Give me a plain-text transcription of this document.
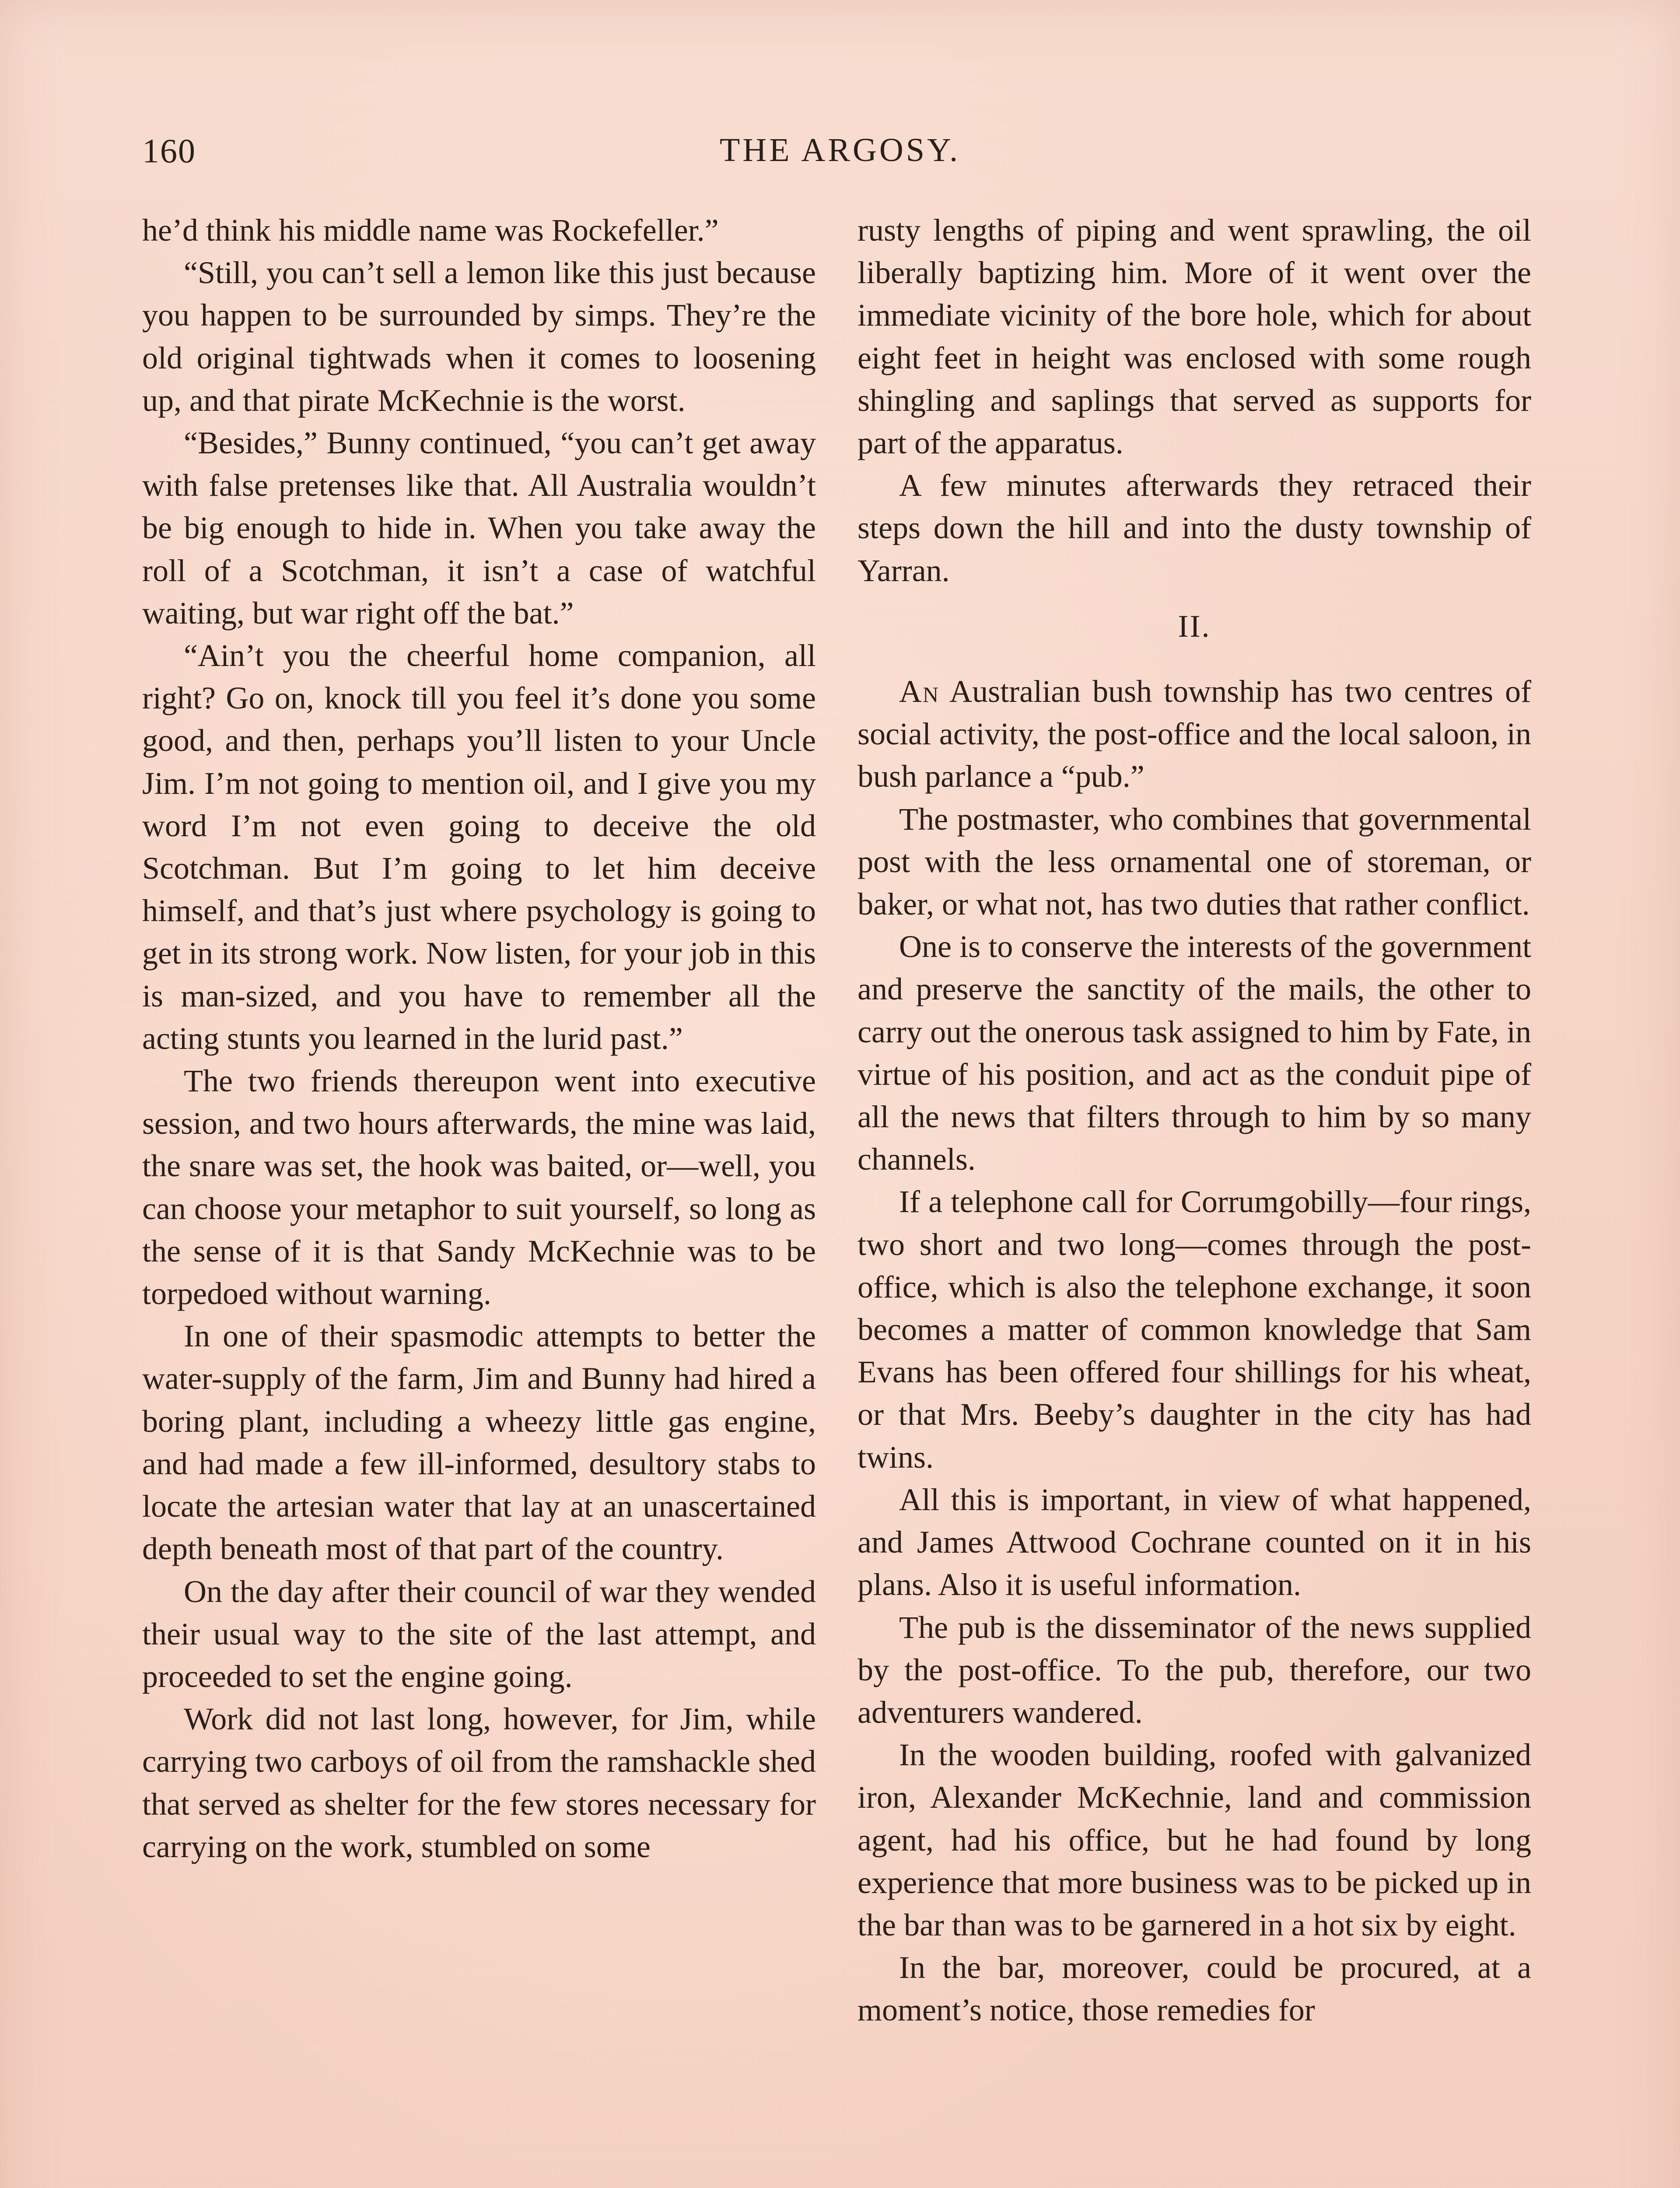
160	THE ARGOSY.

he’d think his middle name was Rockefeller.”

“Still, you can’t sell a lemon like this just because you happen to be surrounded by simps. They’re the old original tightwads when it comes to loosening up, and that pirate McKechnie is the worst.

“Besides,” Bunny continued, “you can’t get away with false pretenses like that. All Australia wouldn’t be big enough to hide in. When you take away the roll of a Scotchman, it isn’t a case of watchful waiting, but war right off the bat.”

“Ain’t you the cheerful home companion, all right? Go on, knock till you feel it’s done you some good, and then, perhaps you’ll listen to your Uncle Jim. I’m not going to mention oil, and I give you my word I’m not even going to deceive the old Scotchman. But I’m going to let him deceive himself, and that’s just where psychology is going to get in its strong work. Now listen, for your job in this is man-sized, and you have to remember all the acting stunts you learned in the lurid past.”

The two friends thereupon went into executive session, and two hours afterwards, the mine was laid, the snare was set, the hook was baited, or—well, you can choose your metaphor to suit yourself, so long as the sense of it is that Sandy McKechnie was to be torpedoed without warning.

In one of their spasmodic attempts to better the water-supply of the farm, Jim and Bunny had hired a boring plant, including a wheezy little gas engine, and had made a few ill-informed, desultory stabs to locate the artesian water that lay at an unascertained depth beneath most of that part of the country.

On the day after their council of war they wended their usual way to the site of the last attempt, and proceeded to set the engine going.

Work did not last long, however, for Jim, while carrying two carboys of oil from the ramshackle shed that served as shelter for the few stores necessary for carrying on the work, stumbled on some

rusty lengths of piping and went sprawling, the oil liberally baptizing him. More of it went over the immediate vicinity of the bore hole, which for about eight feet in height was enclosed with some rough shingling and saplings that served as supports for part of the apparatus.

A few minutes afterwards they retraced their steps down the hill and into the dusty township of Yarran.

II.

An Australian bush township has two centres of social activity, the post-office and the local saloon, in bush parlance a “pub.”

The postmaster, who combines that governmental post with the less ornamental one of storeman, or baker, or what not, has two duties that rather conflict.

One is to conserve the interests of the government and preserve the sanctity of the mails, the other to carry out the onerous task assigned to him by Fate, in virtue of his position, and act as the conduit pipe of all the news that filters through to him by so many channels.

If a telephone call for Corrumgobilly—four rings, two short and two long—comes through the post-office, which is also the telephone exchange, it soon becomes a matter of common knowledge that Sam Evans has been offered four shillings for his wheat, or that Mrs. Beeby’s daughter in the city has had twins.

All this is important, in view of what happened, and James Attwood Cochrane counted on it in his plans. Also it is useful information.

The pub is the disseminator of the news supplied by the post-office. To the pub, therefore, our two adventurers wandered.

In the wooden building, roofed with galvanized iron, Alexander McKechnie, land and commission agent, had his office, but he had found by long experience that more business was to be picked up in the bar than was to be garnered in a hot six by eight.

In the bar, moreover, could be procured, at a moment’s notice, those remedies for
